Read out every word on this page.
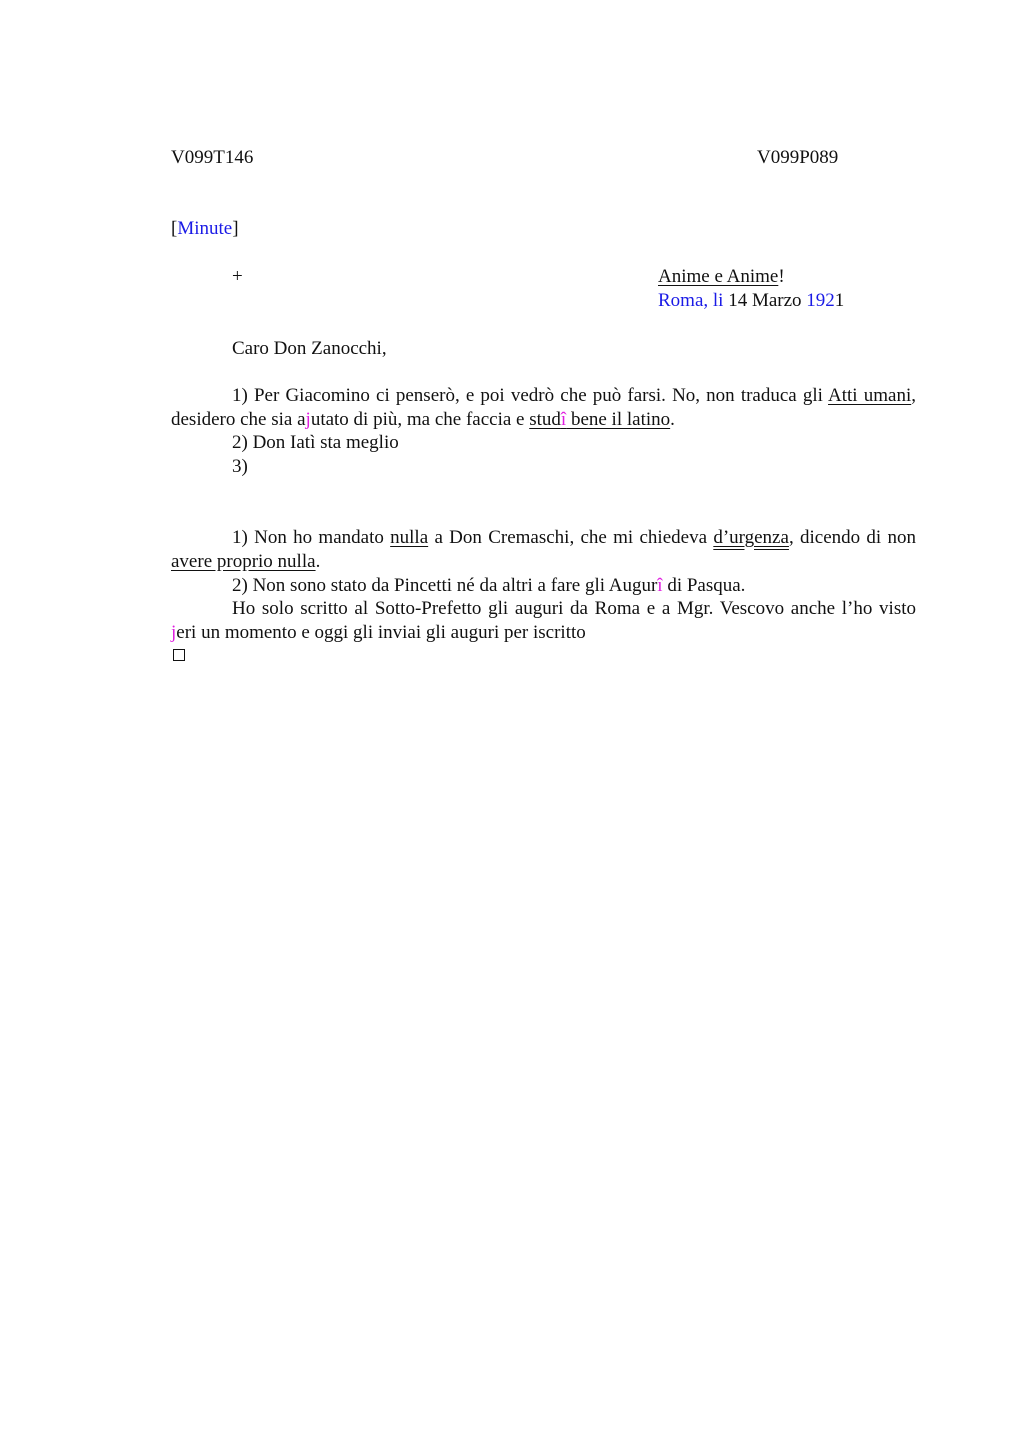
V099T146	V099P089
[Minute]
+	Anime e Anime!
Roma, li 14 Marzo 1921
Caro Don Zanocchi,
1) Per Giacomino ci penserò, e poi vedrò che può farsi. No, non traduca gli Atti umani, desidero che sia ajutato di più, ma che faccia e studî bene il latino.
2) Don Iatì sta meglio
3)
1) Non ho mandato nulla a Don Cremaschi, che mi chiedeva d’urgenza, dicendo di non avere proprio nulla.
2) Non sono stato da Pincetti né da altri a fare gli Augurî di Pasqua.
Ho solo scritto al Sotto-Prefetto gli auguri da Roma e a Mgr. Vescovo anche l’ho visto jeri un momento e oggi gli inviai gli auguri per iscritto
